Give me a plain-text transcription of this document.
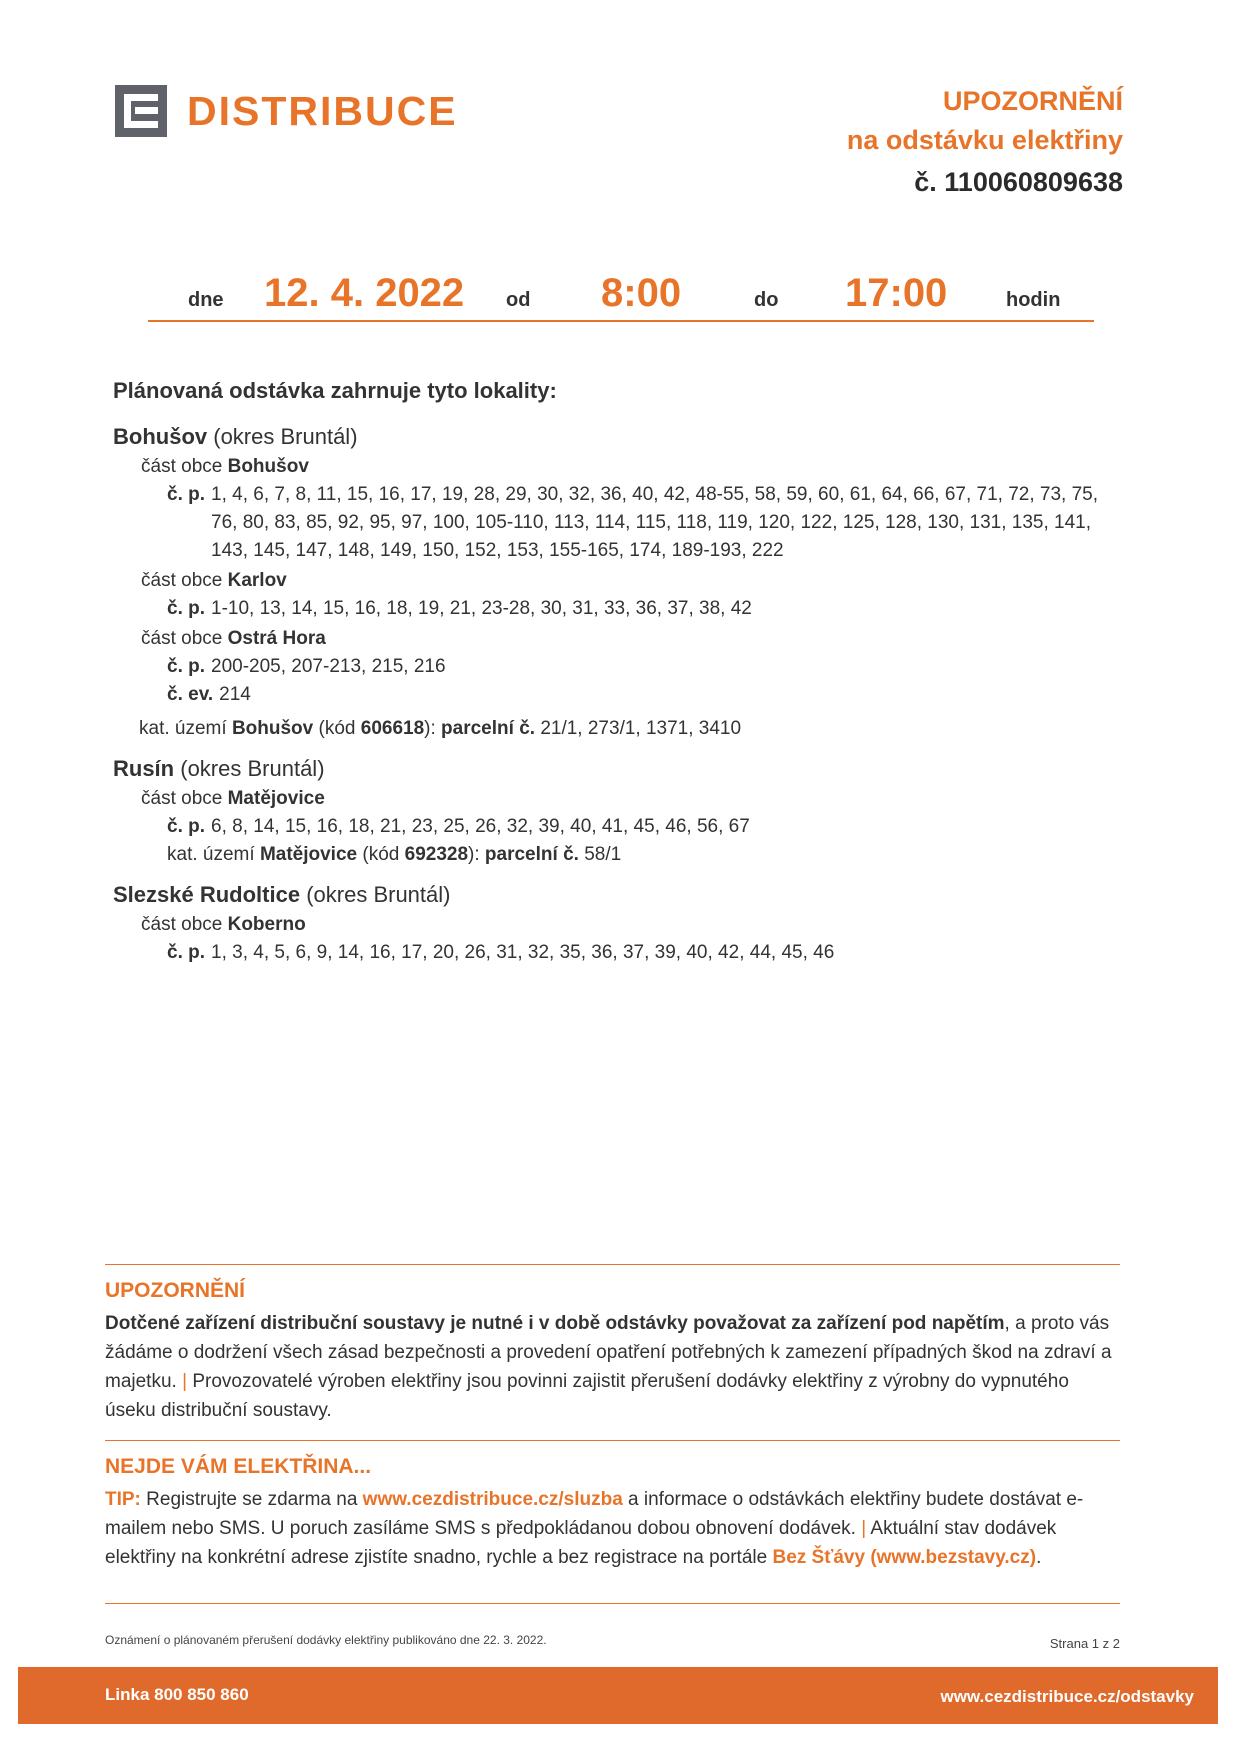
DISTRIBUCE	UPOZORNĚNÍ
na odstávku elektřiny
č. 110060809638
dne 12. 4. 2022 od 8:00	do 17:00	hodin
Plánovaná odstávka zahrnuje tyto lokality:
Bohušov (okres Bruntál)
část obce Bohušov
č. p. 1, 4, 6, 7, 8, 11, 15, 16, 17, 19, 28, 29, 30, 32, 36, 40, 42, 48-55, 58, 59, 60, 61, 64, 66, 67, 71, 72, 73, 75, 76, 80, 83, 85, 92, 95, 97, 100, 105-110, 113, 114, 115, 118, 119, 120, 122, 125, 128, 130, 131, 135, 141, 143, 145, 147, 148, 149, 150, 152, 153, 155-165, 174, 189-193, 222
část obce Karlov
č. p. 1-10, 13, 14, 15, 16, 18, 19, 21, 23-28, 30, 31, 33, 36, 37, 38, 42
část obce Ostrá Hora
č. p. 200-205, 207-213, 215, 216
č. ev. 214
kat. území Bohušov (kód 606618): parcelní č. 21/1, 273/1, 1371, 3410
Rusín (okres Bruntál)
část obce Matějovice
č. p. 6, 8, 14, 15, 16, 18, 21, 23, 25, 26, 32, 39, 40, 41, 45, 46, 56, 67
kat. území Matějovice (kód 692328): parcelní č. 58/1
Slezské Rudoltice (okres Bruntál)
část obce Koberno
č. p. 1, 3, 4, 5, 6, 9, 14, 16, 17, 20, 26, 31, 32, 35, 36, 37, 39, 40, 42, 44, 45, 46
UPOZORNĚNÍ
Dotčené zařízení distribuční soustavy je nutné i v době odstávky považovat za zařízení pod napětím, a proto vás žádáme o dodržení všech zásad bezpečnosti a provedení opatření potřebných k zamezení případných škod na zdraví a majetku. | Provozovatelé výroben elektřiny jsou povinni zajistit přerušení dodávky elektřiny z výrobny do vypnutého úseku distribuční soustavy.
NEJDE VÁM ELEKTŘINA...
TIP: Registrujte se zdarma na www.cezdistribuce.cz/sluzba a informace o odstávkách elektřiny budete dostávat e-mailem nebo SMS. U poruch zasíláme SMS s předpokládanou dobou obnovení dodávek. | Aktuální stav dodávek elektřiny na konkrétní adrese zjistíte snadno, rychle a bez registrace na portále Bez Šťávy (www.bezstavy.cz).
Oznámení o plánovaném přerušení dodávky elektřiny publikováno dne 22. 3. 2022.	Strana 1 z 2
Linka 800 850 860	www.cezdistribuce.cz/odstavky
